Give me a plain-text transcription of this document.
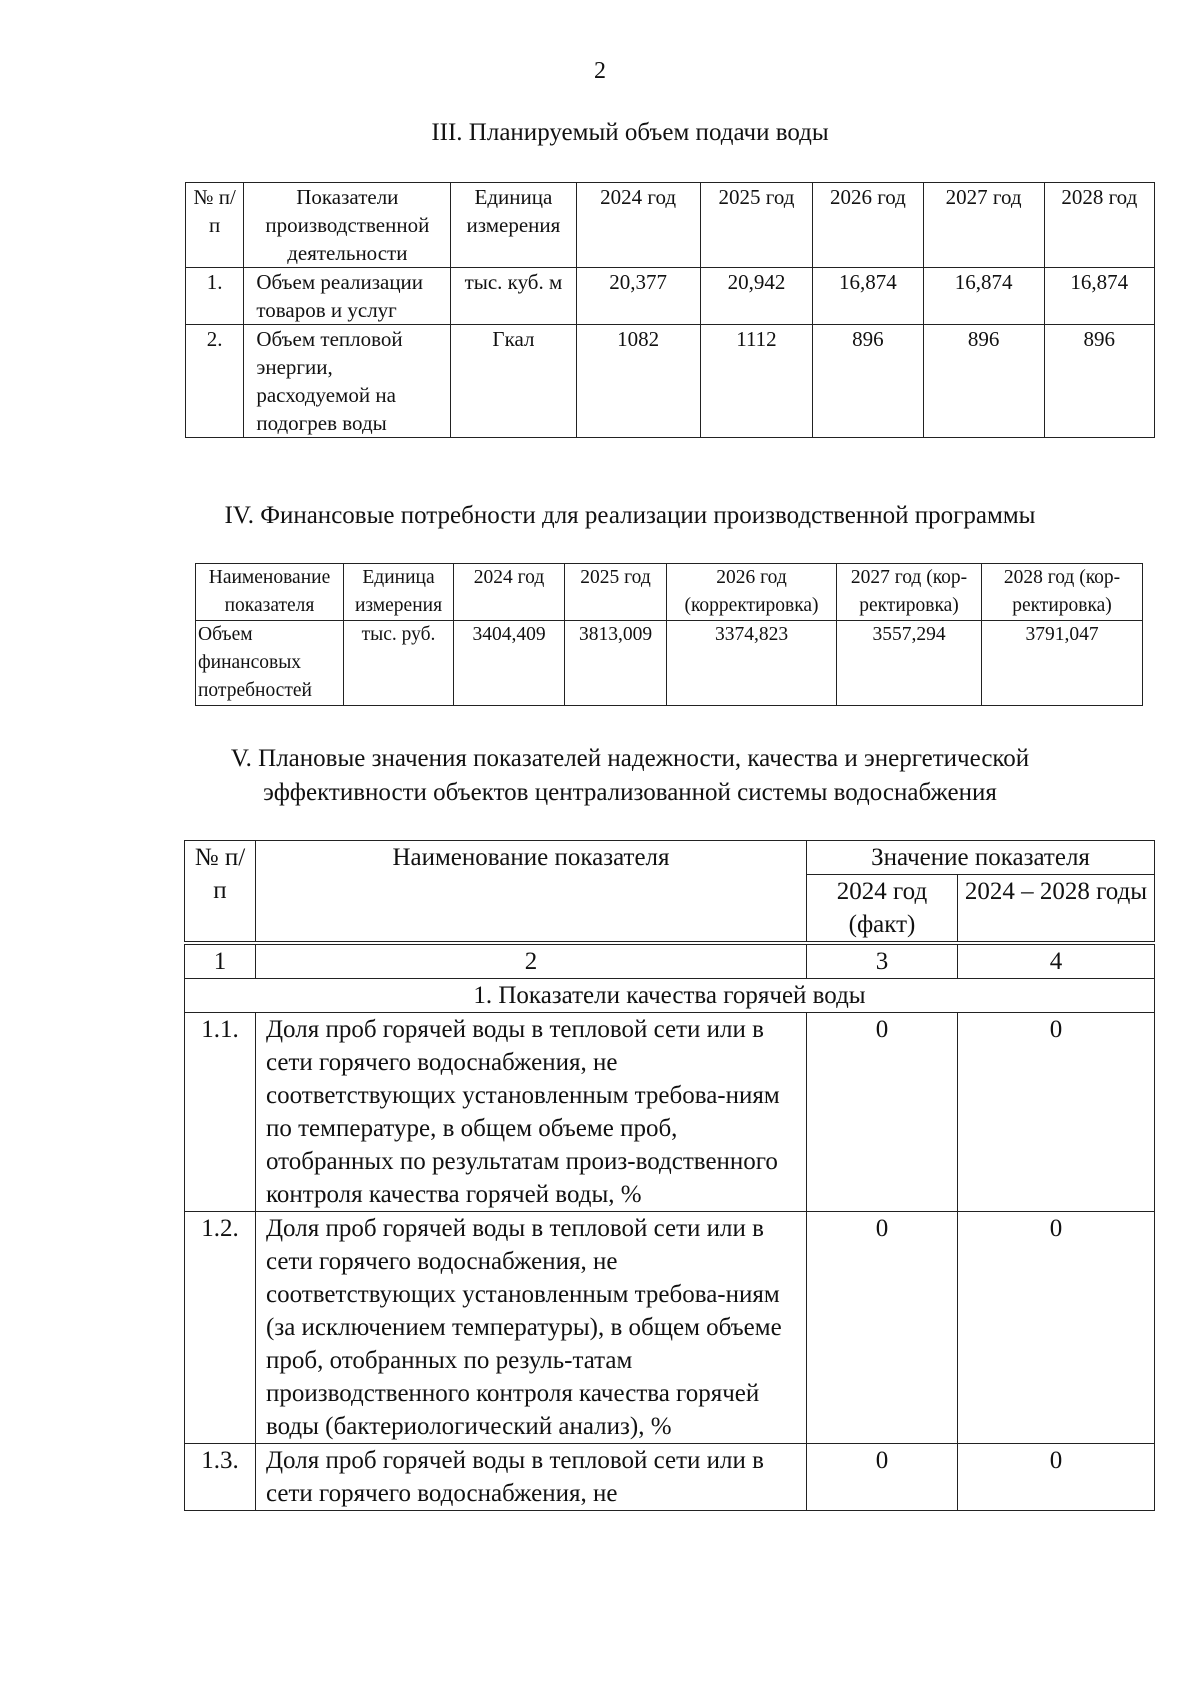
2
III. Планируемый объем подачи воды
№ п/п	Показатели производственной деятельности	Единица измерения	2024 год	2025 год	2026 год	2027 год	2028 год
1.	Объем реализации товаров и услуг	тыс. куб. м	20,377	20,942	16,874	16,874	16,874
2.	Объем тепловой энергии, расходуемой на подогрев воды	Гкал	1082	1112	896	896	896
IV. Финансовые потребности для реализации производственной программы
Наименование показателя	Единица измерения	2024 год	2025 год	2026 год (корректировка)	2027 год (кор-ректировка)	2028 год (кор-ректировка)
Объем финансовых потребностей	тыс. руб.	3404,409	3813,009	3374,823	3557,294	3791,047
V. Плановые значения показателей надежности, качества и энергетической эффективности объектов централизованной системы водоснабжения
№ п/п	Наименование показателя	Значение показателя	
		2024 год (факт)	2024 – 2028 годы
1	2	3	4
1. Показатели качества горячей воды			
1.1.	Доля проб горячей воды в тепловой сети или в сети горячего водоснабжения, не соответствующих установленным требова-ниям по температуре, в общем объеме проб, отобранных по результатам произ-водственного контроля качества горячей воды, %	0	0
1.2.	Доля проб горячей воды в тепловой сети или в сети горячего водоснабжения, не соответствующих установленным требова-ниям (за исключением температуры), в общем объеме проб, отобранных по резуль-татам производственного контроля качества горячей воды (бактериологический анализ), %	0	0
1.3.	Доля проб горячей воды в тепловой сети или в сети горячего водоснабжения, не	0	0
